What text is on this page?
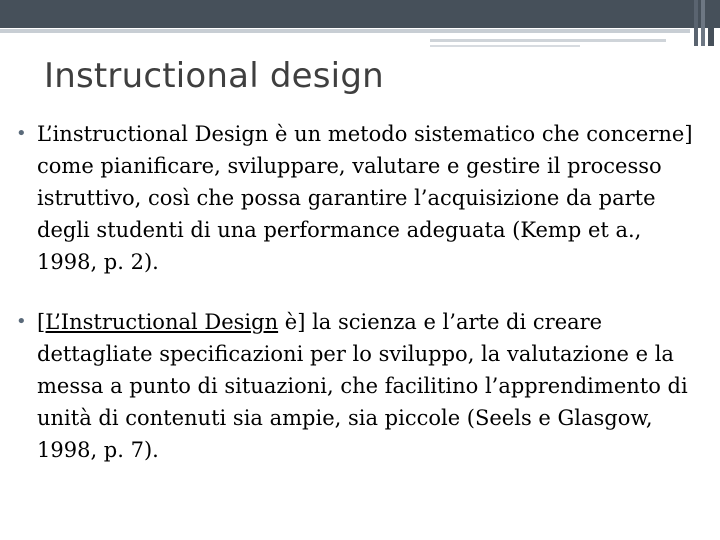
Instructional design
• L’instructional Design è un metodo sistematico che concerne] come pianificare, sviluppare, valutare e gestire il processo istruttivo, così che possa garantire l’acquisizione da parte degli studenti di una performance adeguata (Kemp et a., 1998, p. 2).
• [L’Instructional Design è] la scienza e l’arte di creare dettagliate specificazioni per lo sviluppo, la valutazione e la messa a punto di situazioni, che facilitino l’apprendimento di unità di contenuti sia ampie, sia piccole (Seels e Glasgow, 1998, p. 7).
